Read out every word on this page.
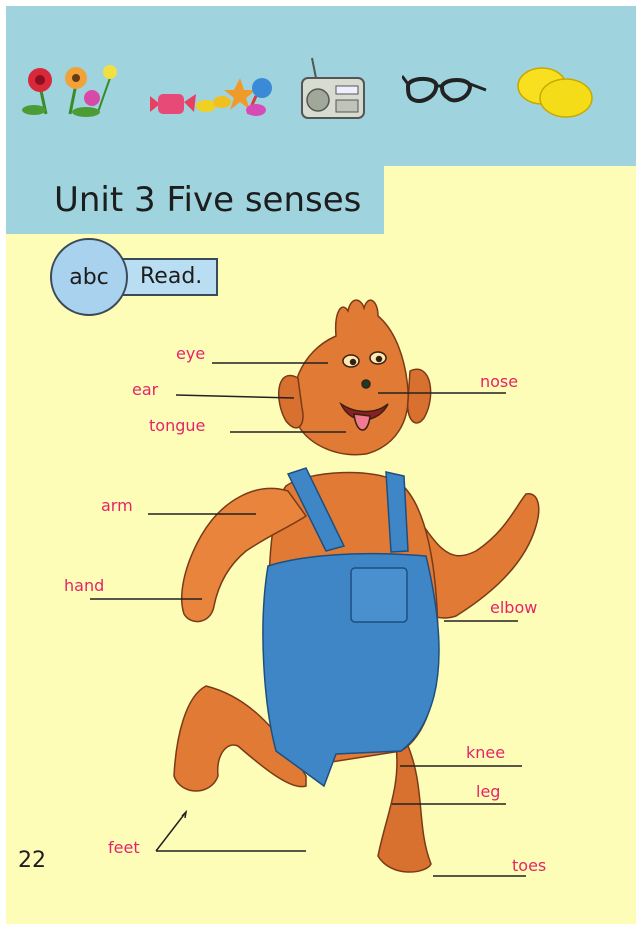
Unit 3 Five senses
Read.
abc
eye
ear
tongue
nose
arm
hand
elbow
knee
leg
feet
toes
22
